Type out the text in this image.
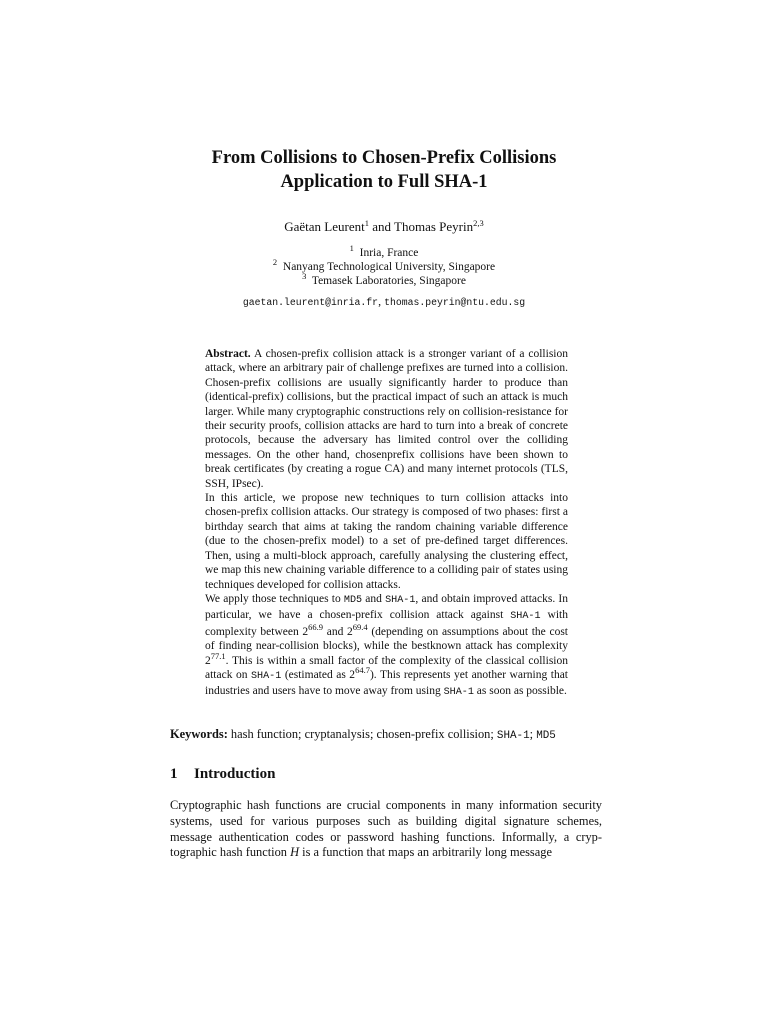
From Collisions to Chosen-Prefix Collisions
Application to Full SHA-1
Gaëtan Leurent$^1$ and Thomas Peyrin$^{2,3}$
$^1$ Inria, France
$^2$ Nanyang Technological University, Singapore
$^3$ Temasek Laboratories, Singapore
gaetan.leurent@inria.fr, thomas.peyrin@ntu.edu.sg

Abstract. A chosen-prefix collision attack is a stronger variant of a collision attack, where an arbitrary pair of challenge prefixes are turned into a collision. Chosen-prefix collisions are usually significantly harder to produce than (identical-prefix) collisions, but the practical impact of such an attack is much larger. While many cryptographic constructions rely on collision-resistance for their security proofs, collision attacks are hard to turn into a break of concrete protocols, because the adversary has limited control over the colliding messages. On the other hand, chosenprefix collisions have been shown to break certificates (by creating a rogue CA) and many internet protocols (TLS, SSH, IPsec).

In this article, we propose new techniques to turn collision attacks into chosen-prefix collision attacks. Our strategy is composed of two phases: first a birthday search that aims at taking the random chaining variable difference (due to the chosen-prefix model) to a set of pre-defined target differences. Then, using a multi-block approach, carefully analysing the clustering effect, we map this new chaining variable difference to a colliding pair of states using techniques developed for collision attacks.

We apply those techniques to MD5 and SHA-1, and obtain improved attacks. In particular, we have a chosen-prefix collision attack against SHA-1 with complexity between $2^{66.9}$ and $2^{69.4}$ (depending on assumptions about the cost of finding near-collision blocks), while the bestknown attack has complexity $2^{77.1}$. This is within a small factor of the complexity of the classical collision attack on SHA-1 (estimated as $2^{64.7}$). This represents yet another warning that industries and users have to move away from using SHA-1 as soon as possible.

Keywords: hash function; cryptanalysis; chosen-prefix collision; SHA-1; MD5
1 Introduction

Cryptographic hash functions are crucial components in many information security systems, used for various purposes such as building digital signature schemes, message authentication codes or password hashing functions. Informally, a cryptographic hash function H is a function that maps an arbitrarily long message
